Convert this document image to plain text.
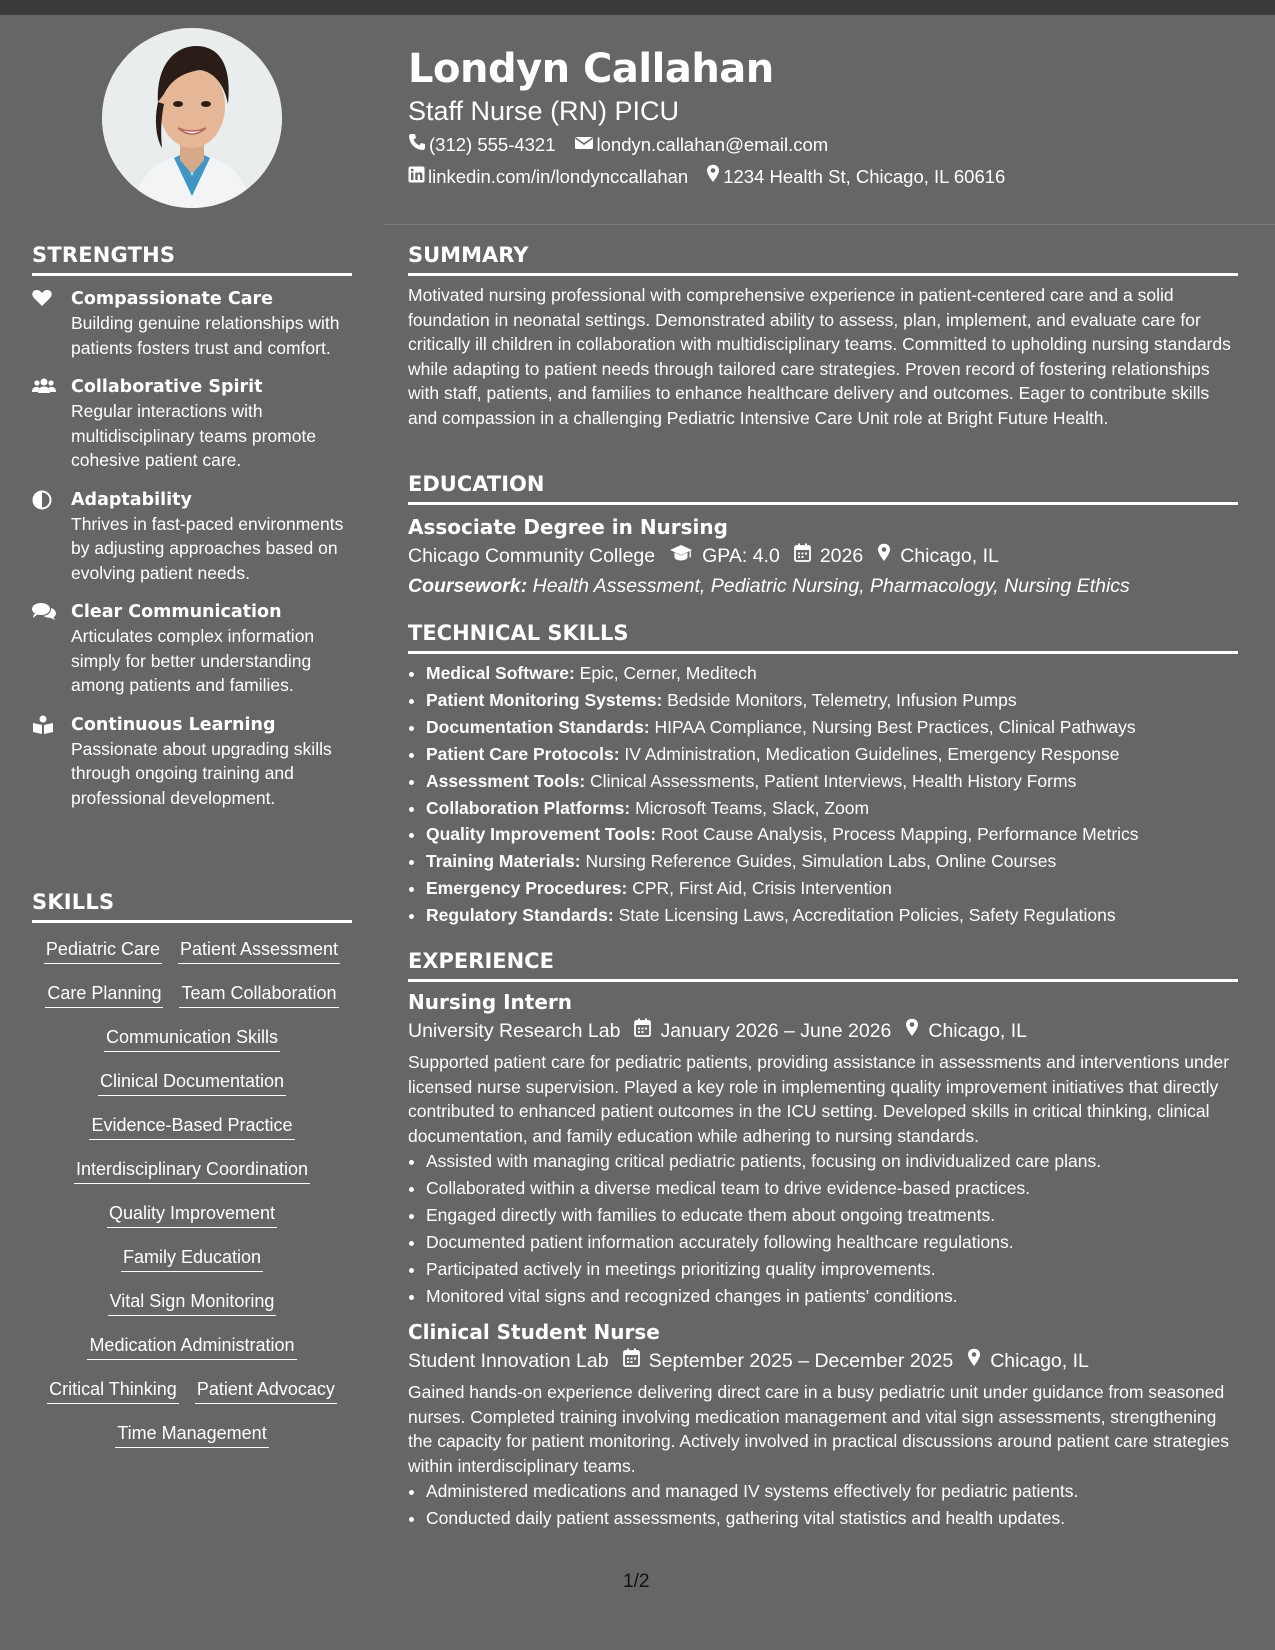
STRENGTHS
Compassionate Care
Building genuine relationships with patients fosters trust and comfort.
Collaborative Spirit
Regular interactions with multidisciplinary teams promote cohesive patient care.
Adaptability
Thrives in fast-paced environments by adjusting approaches based on evolving patient needs.
Clear Communication
Articulates complex information simply for better understanding among patients and families.
Continuous Learning
Passionate about upgrading skills through ongoing training and professional development.
SKILLS
Pediatric Care Patient Assessment
Care Planning Team Collaboration
Communication Skills
Clinical Documentation
Evidence-Based Practice
Interdisciplinary Coordination
Quality Improvement
Family Education
Vital Sign Monitoring
Medication Administration
Critical Thinking Patient Advocacy
Time Management
Londyn Callahan
Staff Nurse (RN) PICU
(312) 555-4321 londyn.callahan@email.com
linkedin.com/in/londynccallahan 1234 Health St, Chicago, IL 60616
SUMMARY
Motivated nursing professional with comprehensive experience in patient-centered care and a solid foundation in neonatal settings. Demonstrated ability to assess, plan, implement, and evaluate care for critically ill children in collaboration with multidisciplinary teams. Committed to upholding nursing standards while adapting to patient needs through tailored care strategies. Proven record of fostering relationships with staff, patients, and families to enhance healthcare delivery and outcomes. Eager to contribute skills and compassion in a challenging Pediatric Intensive Care Unit role at Bright Future Health.
EDUCATION
Associate Degree in Nursing
Chicago Community College GPA: 4.0 2026 Chicago, IL
Coursework: Health Assessment, Pediatric Nursing, Pharmacology, Nursing Ethics
TECHNICAL SKILLS
• Medical Software: Epic, Cerner, Meditech
• Patient Monitoring Systems: Bedside Monitors, Telemetry, Infusion Pumps
• Documentation Standards: HIPAA Compliance, Nursing Best Practices, Clinical Pathways
• Patient Care Protocols: IV Administration, Medication Guidelines, Emergency Response
• Assessment Tools: Clinical Assessments, Patient Interviews, Health History Forms
• Collaboration Platforms: Microsoft Teams, Slack, Zoom
• Quality Improvement Tools: Root Cause Analysis, Process Mapping, Performance Metrics
• Training Materials: Nursing Reference Guides, Simulation Labs, Online Courses
• Emergency Procedures: CPR, First Aid, Crisis Intervention
• Regulatory Standards: State Licensing Laws, Accreditation Policies, Safety Regulations
EXPERIENCE
Nursing Intern
University Research Lab January 2026 – June 2026 Chicago, IL
Supported patient care for pediatric patients, providing assistance in assessments and interventions under licensed nurse supervision. Played a key role in implementing quality improvement initiatives that directly contributed to enhanced patient outcomes in the ICU setting. Developed skills in critical thinking, clinical documentation, and family education while adhering to nursing standards.
• Assisted with managing critical pediatric patients, focusing on individualized care plans.
• Collaborated within a diverse medical team to drive evidence-based practices.
• Engaged directly with families to educate them about ongoing treatments.
• Documented patient information accurately following healthcare regulations.
• Participated actively in meetings prioritizing quality improvements.
• Monitored vital signs and recognized changes in patients' conditions.
Clinical Student Nurse
Student Innovation Lab September 2025 – December 2025 Chicago, IL
Gained hands-on experience delivering direct care in a busy pediatric unit under guidance from seasoned nurses. Completed training involving medication management and vital sign assessments, strengthening the capacity for patient monitoring. Actively involved in practical discussions around patient care strategies within interdisciplinary teams.
• Administered medications and managed IV systems effectively for pediatric patients.
• Conducted daily patient assessments, gathering vital statistics and health updates.
1/2
